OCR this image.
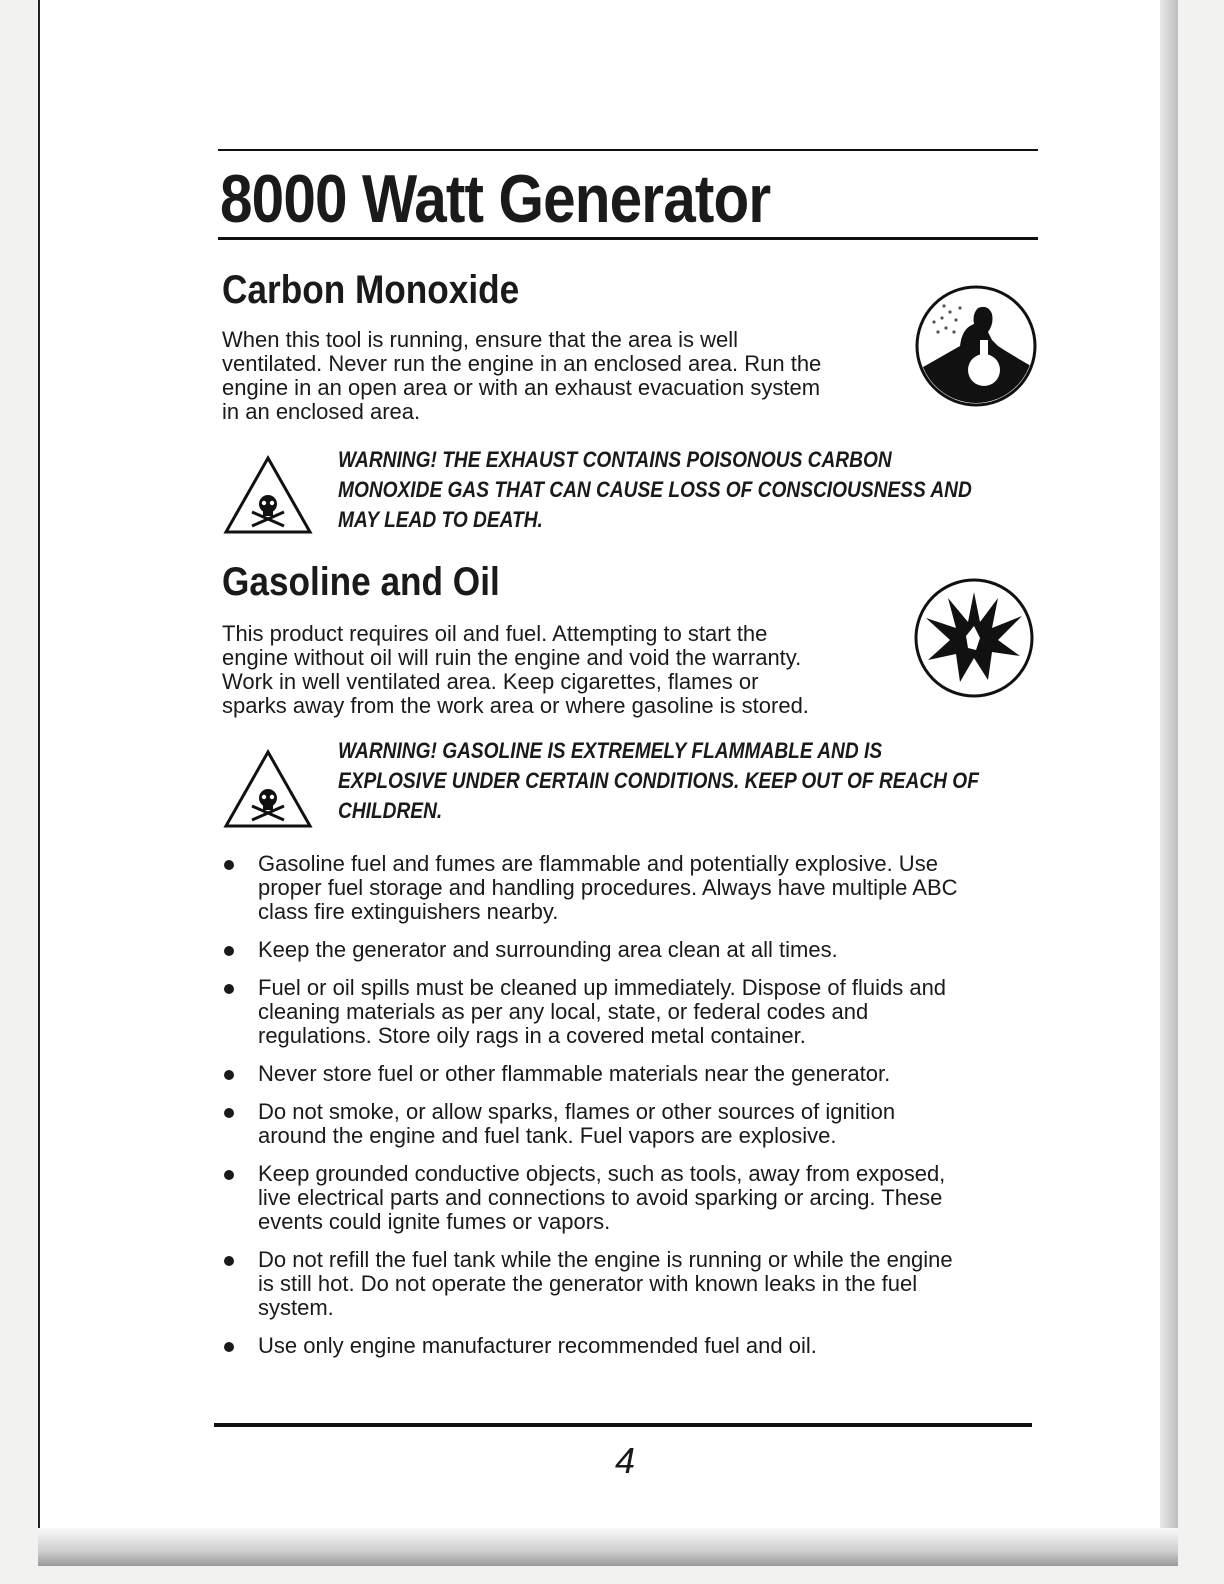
8000 Watt Generator
Carbon Monoxide
When this tool is running, ensure that the area is well
ventilated. Never run the engine in an enclosed area. Run the
engine in an open area or with an exhaust evacuation system
in an enclosed area.
WARNING! THE EXHAUST CONTAINS POISONOUS CARBON
MONOXIDE GAS THAT CAN CAUSE LOSS OF CONSCIOUSNESS AND
MAY LEAD TO DEATH.
Gasoline and Oil
This product requires oil and fuel. Attempting to start the
engine without oil will ruin the engine and void the warranty.
Work in well ventilated area. Keep cigarettes, flames or
sparks away from the work area or where gasoline is stored.
WARNING! GASOLINE IS EXTREMELY FLAMMABLE AND IS
EXPLOSIVE UNDER CERTAIN CONDITIONS. KEEP OUT OF REACH OF
CHILDREN.
Gasoline fuel and fumes are flammable and potentially explosive. Use
proper fuel storage and handling procedures. Always have multiple ABC
class fire extinguishers nearby.
Keep the generator and surrounding area clean at all times.
Fuel or oil spills must be cleaned up immediately. Dispose of fluids and
cleaning materials as per any local, state, or federal codes and
regulations. Store oily rags in a covered metal container.
Never store fuel or other flammable materials near the generator.
Do not smoke, or allow sparks, flames or other sources of ignition
around the engine and fuel tank. Fuel vapors are explosive.
Keep grounded conductive objects, such as tools, away from exposed,
live electrical parts and connections to avoid sparking or arcing. These
events could ignite fumes or vapors.
Do not refill the fuel tank while the engine is running or while the engine
is still hot. Do not operate the generator with known leaks in the fuel
system.
Use only engine manufacturer recommended fuel and oil.
4
